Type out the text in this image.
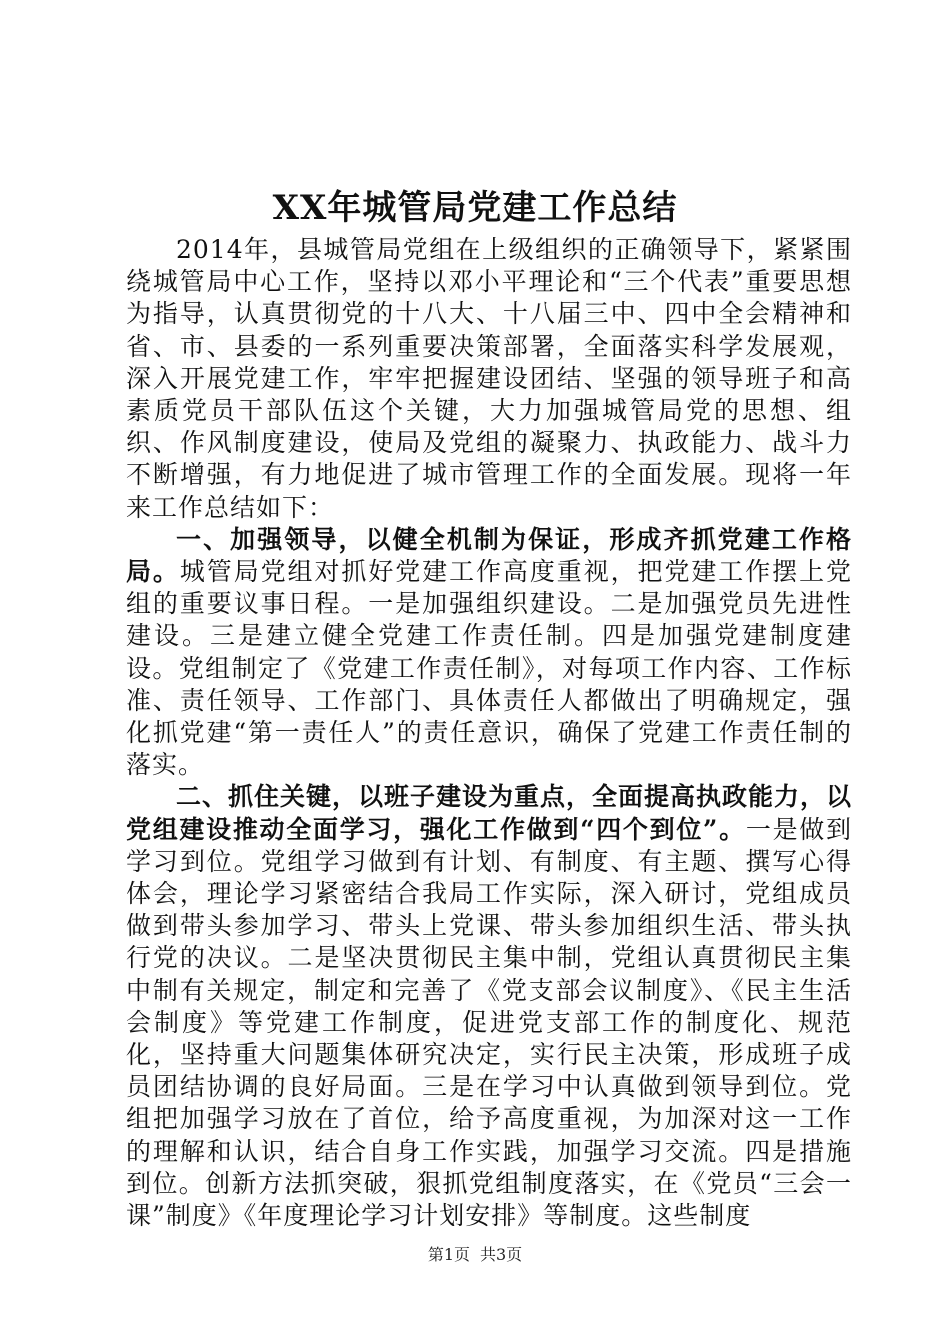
XX年城管局党建工作总结

2014年，县城管局党组在上级组织的正确领导下，紧紧围绕城管局中心工作，坚持以邓小平理论和“三个代表”重要思想为指导，认真贯彻党的十八大、十八届三中、四中全会精神和省、市、县委的一系列重要决策部署，全面落实科学发展观，深入开展党建工作，牢牢把握建设团结、坚强的领导班子和高素质党员干部队伍这个关键，大力加强城管局党的思想、组织、作风制度建设，使局及党组的凝聚力、执政能力、战斗力不断增强，有力地促进了城市管理工作的全面发展。现将一年来工作总结如下：

一、加强领导，以健全机制为保证，形成齐抓党建工作格局。城管局党组对抓好党建工作高度重视，把党建工作摆上党组的重要议事日程。一是加强组织建设。二是加强党员先进性建设。三是建立健全党建工作责任制。四是加强党建制度建设。党组制定了《党建工作责任制》，对每项工作内容、工作标准、责任领导、工作部门、具体责任人都做出了明确规定，强化抓党建“第一责任人”的责任意识，确保了党建工作责任制的落实。

二、抓住关键，以班子建设为重点，全面提高执政能力，以党组建设推动全面学习，强化工作做到“四个到位”。一是做到学习到位。党组学习做到有计划、有制度、有主题、撰写心得体会，理论学习紧密结合我局工作实际，深入研讨，党组成员做到带头参加学习、带头上党课、带头参加组织生活、带头执行党的决议。二是坚决贯彻民主集中制，党组认真贯彻民主集中制有关规定，制定和完善了《党支部会议制度》、《民主生活会制度》等党建工作制度，促进党支部工作的制度化、规范化，坚持重大问题集体研究决定，实行民主决策，形成班子成员团结协调的良好局面。三是在学习中认真做到领导到位。党组把加强学习放在了首位，给予高度重视，为加深对这一工作的理解和认识，结合自身工作实践，加强学习交流。四是措施到位。创新方法抓突破，狠抓党组制度落实，在《党员“三会一课”制度》《年度理论学习计划安排》等制度。这些制度

第1页 共3页
